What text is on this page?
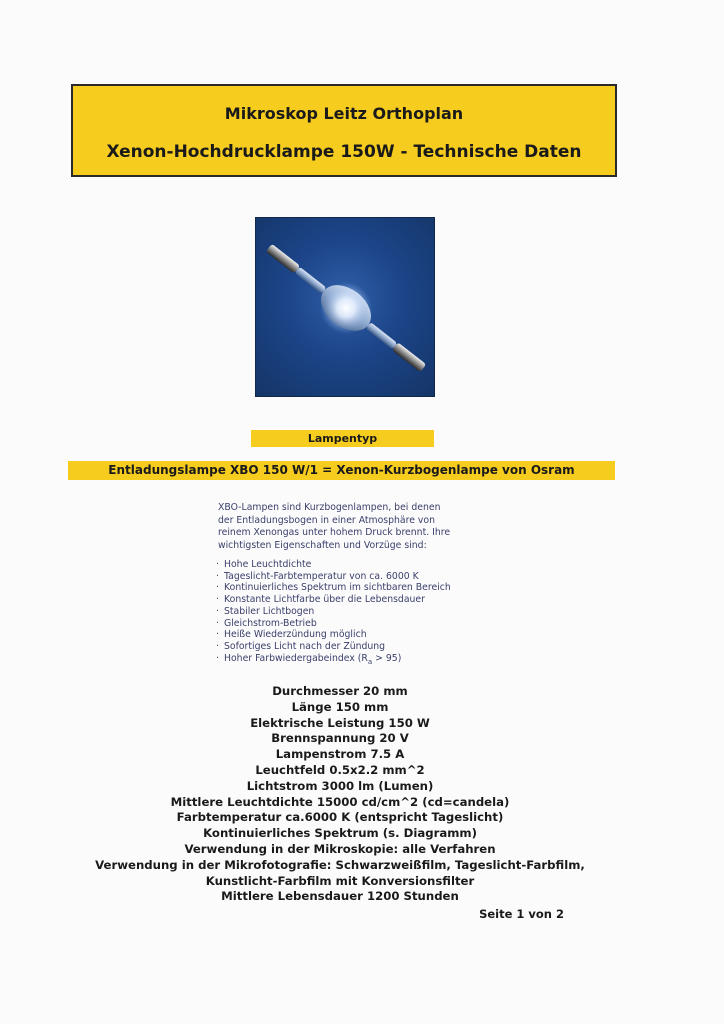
Mikroskop Leitz Orthoplan
Xenon-Hochdrucklampe 150W - Technische Daten
Lampentyp
Entladungslampe XBO 150 W/1 = Xenon-Kurzbogenlampe von Osram

XBO-Lampen sind Kurzbogenlampen, bei denen

der Entladungsbogen in einer Atmosphäre von

reinem Xenongas unter hohem Druck brennt. Ihre

wichtigsten Eigenschaften und Vorzüge sind:

· Hohe Leuchtdichte
· Tageslicht-Farbtemperatur von ca. 6000 K
· Kontinuierliches Spektrum im sichtbaren Bereich
· Konstante Lichtfarbe über die Lebensdauer
· Stabiler Lichtbogen
· Gleichstrom-Betrieb
· Heiße Wiederzündung möglich
· Sofortiges Licht nach der Zündung
· Hoher Farbwiedergabeindex $(R_a > 95)$
Durchmesser 20 mm
Länge 150 mm
Elektrische Leistung 150 W
Brennspannung 20 V
Lampenstrom 7.5 A
Leuchtfeld 0.5x2.2 mm^2
Lichtstrom 3000 lm (Lumen)
Mittlere Leuchtdichte 15000 cd/cm^2 (cd=candela)
Farbtemperatur ca.6000 K (entspricht Tageslicht)
Kontinuierliches Spektrum (s. Diagramm)
Verwendung in der Mikroskopie: alle Verfahren
Verwendung in der Mikrofotografie: Schwarzweißfilm, Tageslicht-Farbfilm,
Kunstlicht-Farbfilm mit Konversionsfilter
Mittlere Lebensdauer 1200 Stunden
Seite 1 von 2
